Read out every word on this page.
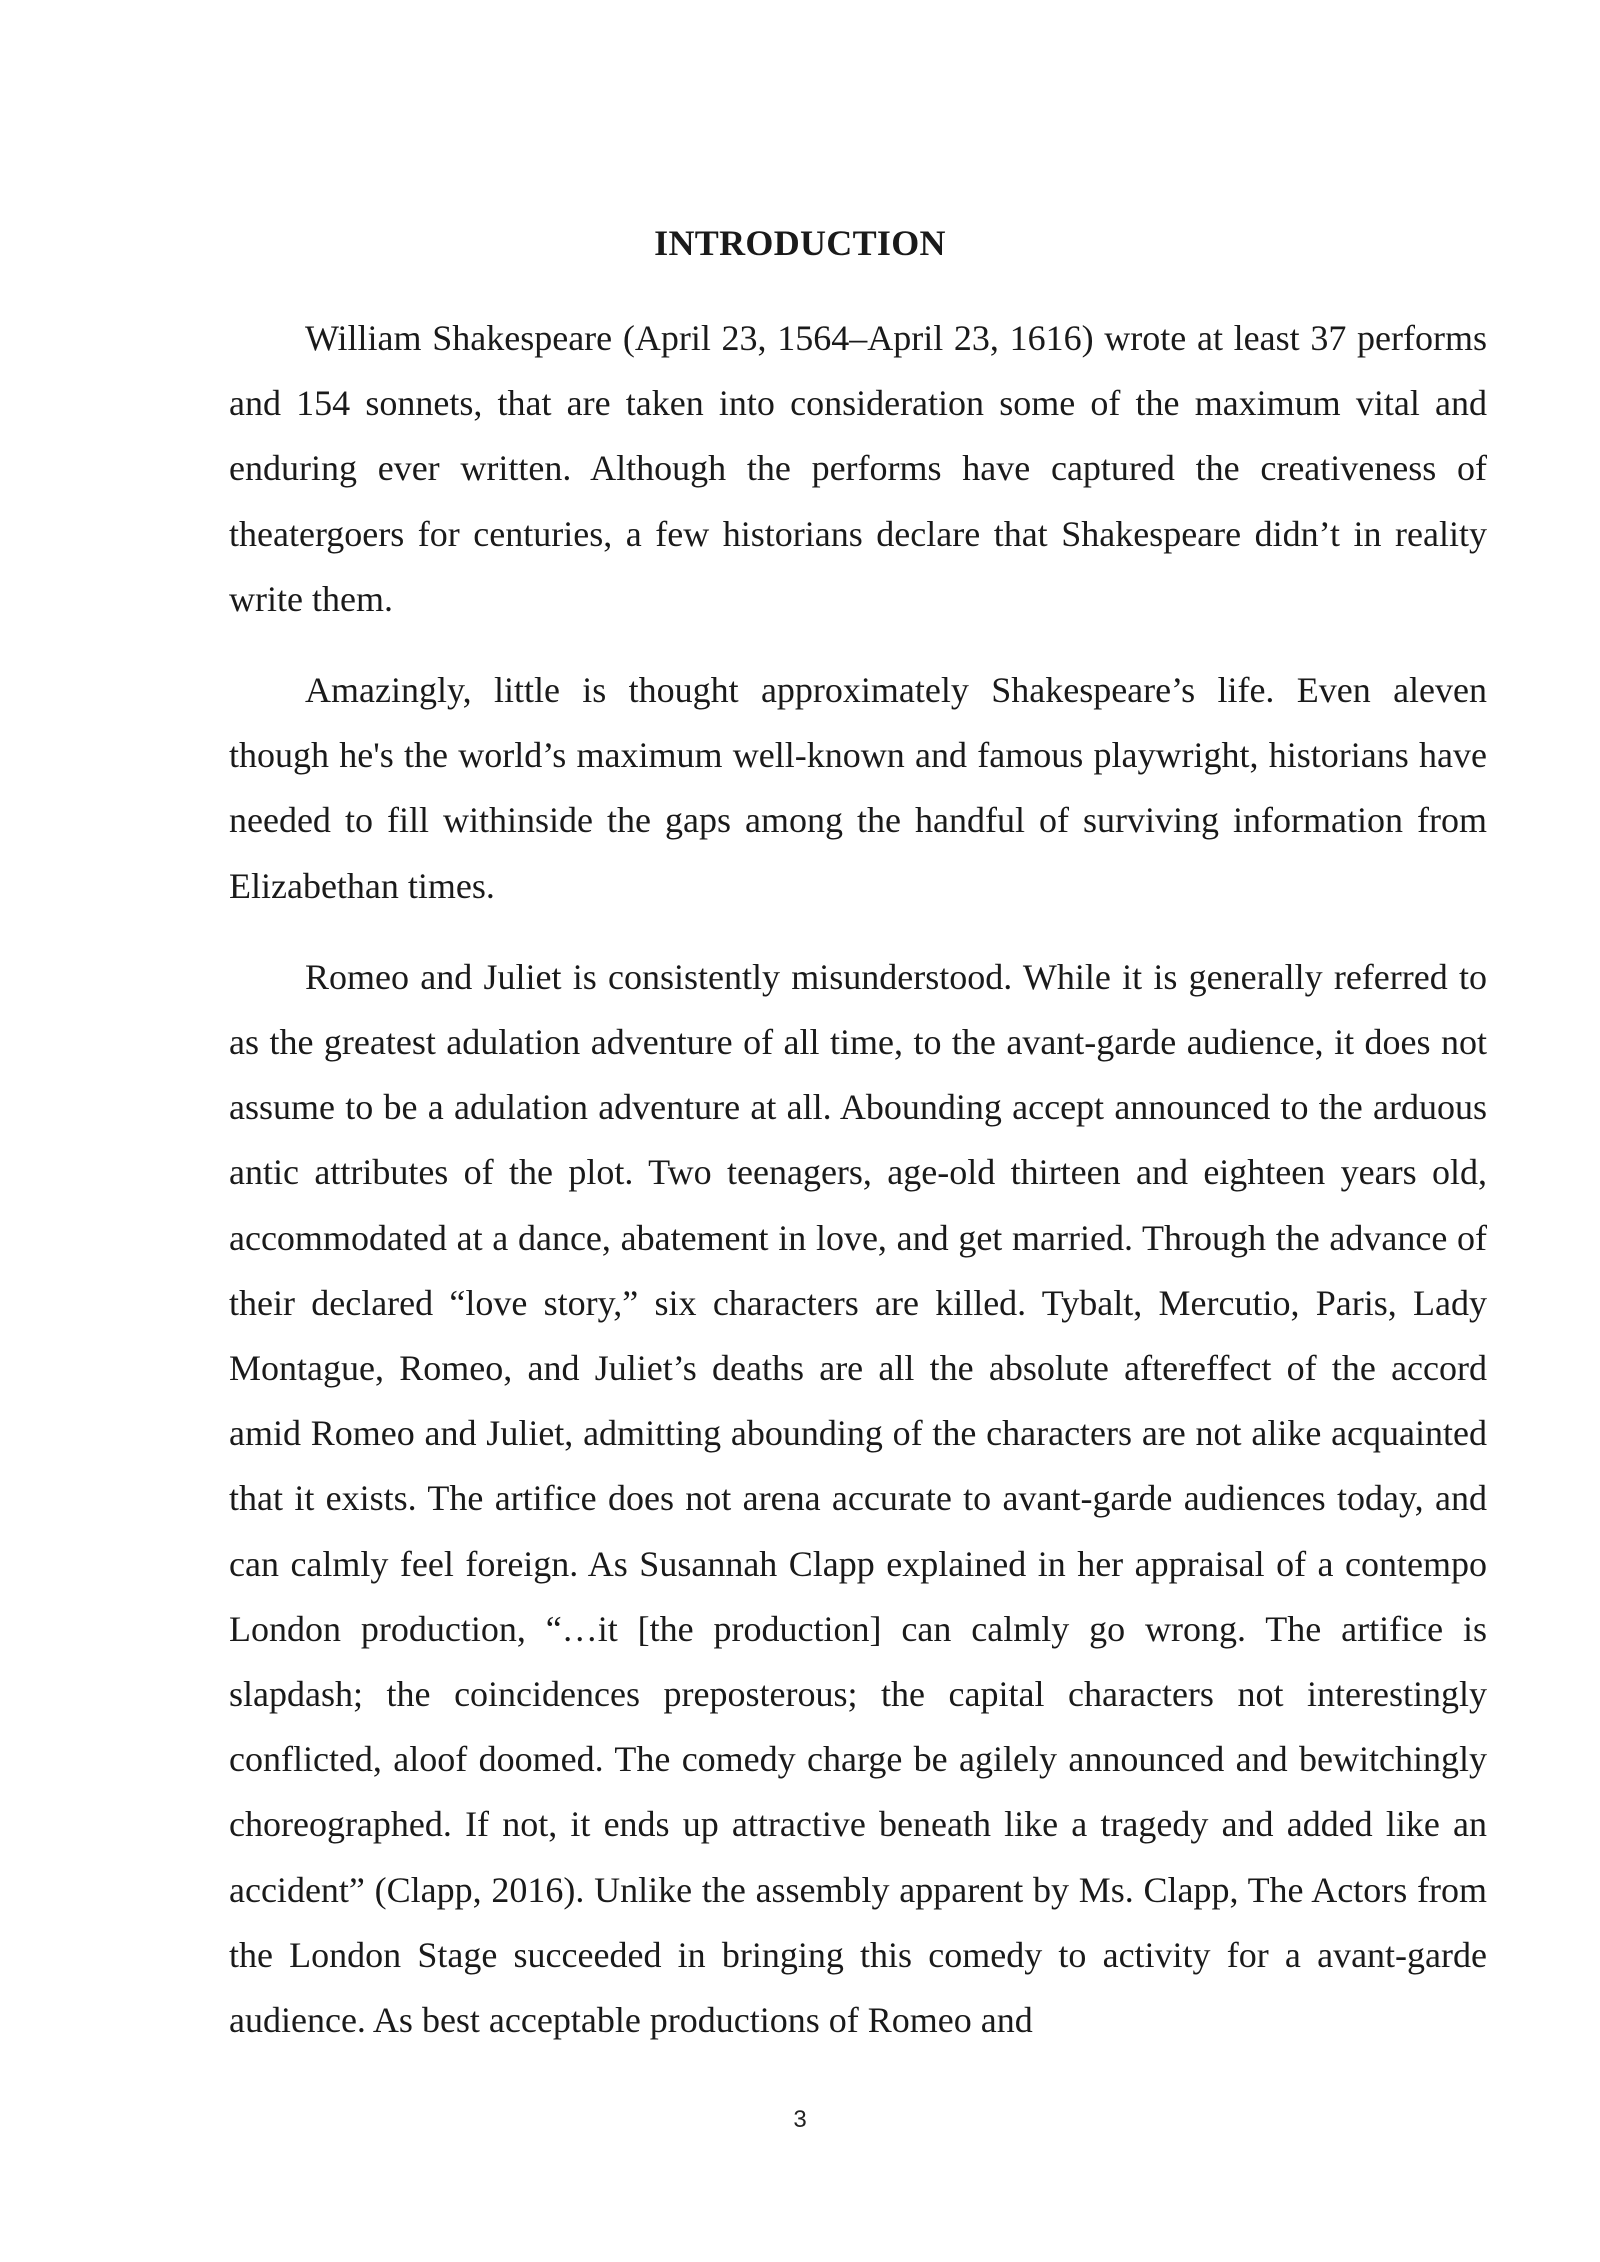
INTRODUCTION

William Shakespeare (April 23, 1564–April 23, 1616) wrote at least 37 performs and 154 sonnets, that are taken into consideration some of the maximum vital and enduring ever written. Although the performs have captured the creativeness of theatergoers for centuries, a few historians declare that Shakespeare didn’t in reality write them.

Amazingly, little is thought approximately Shakespeare’s life. Even aleven though he's the world’s maximum well-known and famous playwright, historians have needed to fill withinside the gaps among the handful of surviving information from Elizabethan times.

Romeo and Juliet is consistently misunderstood. While it is generally referred to as the greatest adulation adventure of all time, to the avant-garde audience, it does not assume to be a adulation adventure at all. Abounding accept announced to the arduous antic attributes of the plot. Two teenagers, age-old thirteen and eighteen years old, accommodated at a dance, abatement in love, and get married. Through the advance of their declared “love story,” six characters are killed. Tybalt, Mercutio, Paris, Lady Montague, Romeo, and Juliet’s deaths are all the absolute aftereffect of the accord amid Romeo and Juliet, admitting abounding of the characters are not alike acquainted that it exists. The artifice does not arena accurate to avant-garde audiences today, and can calmly feel foreign. As Susannah Clapp explained in her appraisal of a contempo London production, “…it [the production] can calmly go wrong. The artifice is slapdash; the coincidences preposterous; the capital characters not interestingly conflicted, aloof doomed. The comedy charge be agilely announced and bewitchingly choreographed. If not, it ends up attractive beneath like a tragedy and added like an accident” (Clapp, 2016). Unlike the assembly apparent by Ms. Clapp, The Actors from the London Stage succeeded in bringing this comedy to activity for a avant-garde audience. As best acceptable productions of Romeo and

3
